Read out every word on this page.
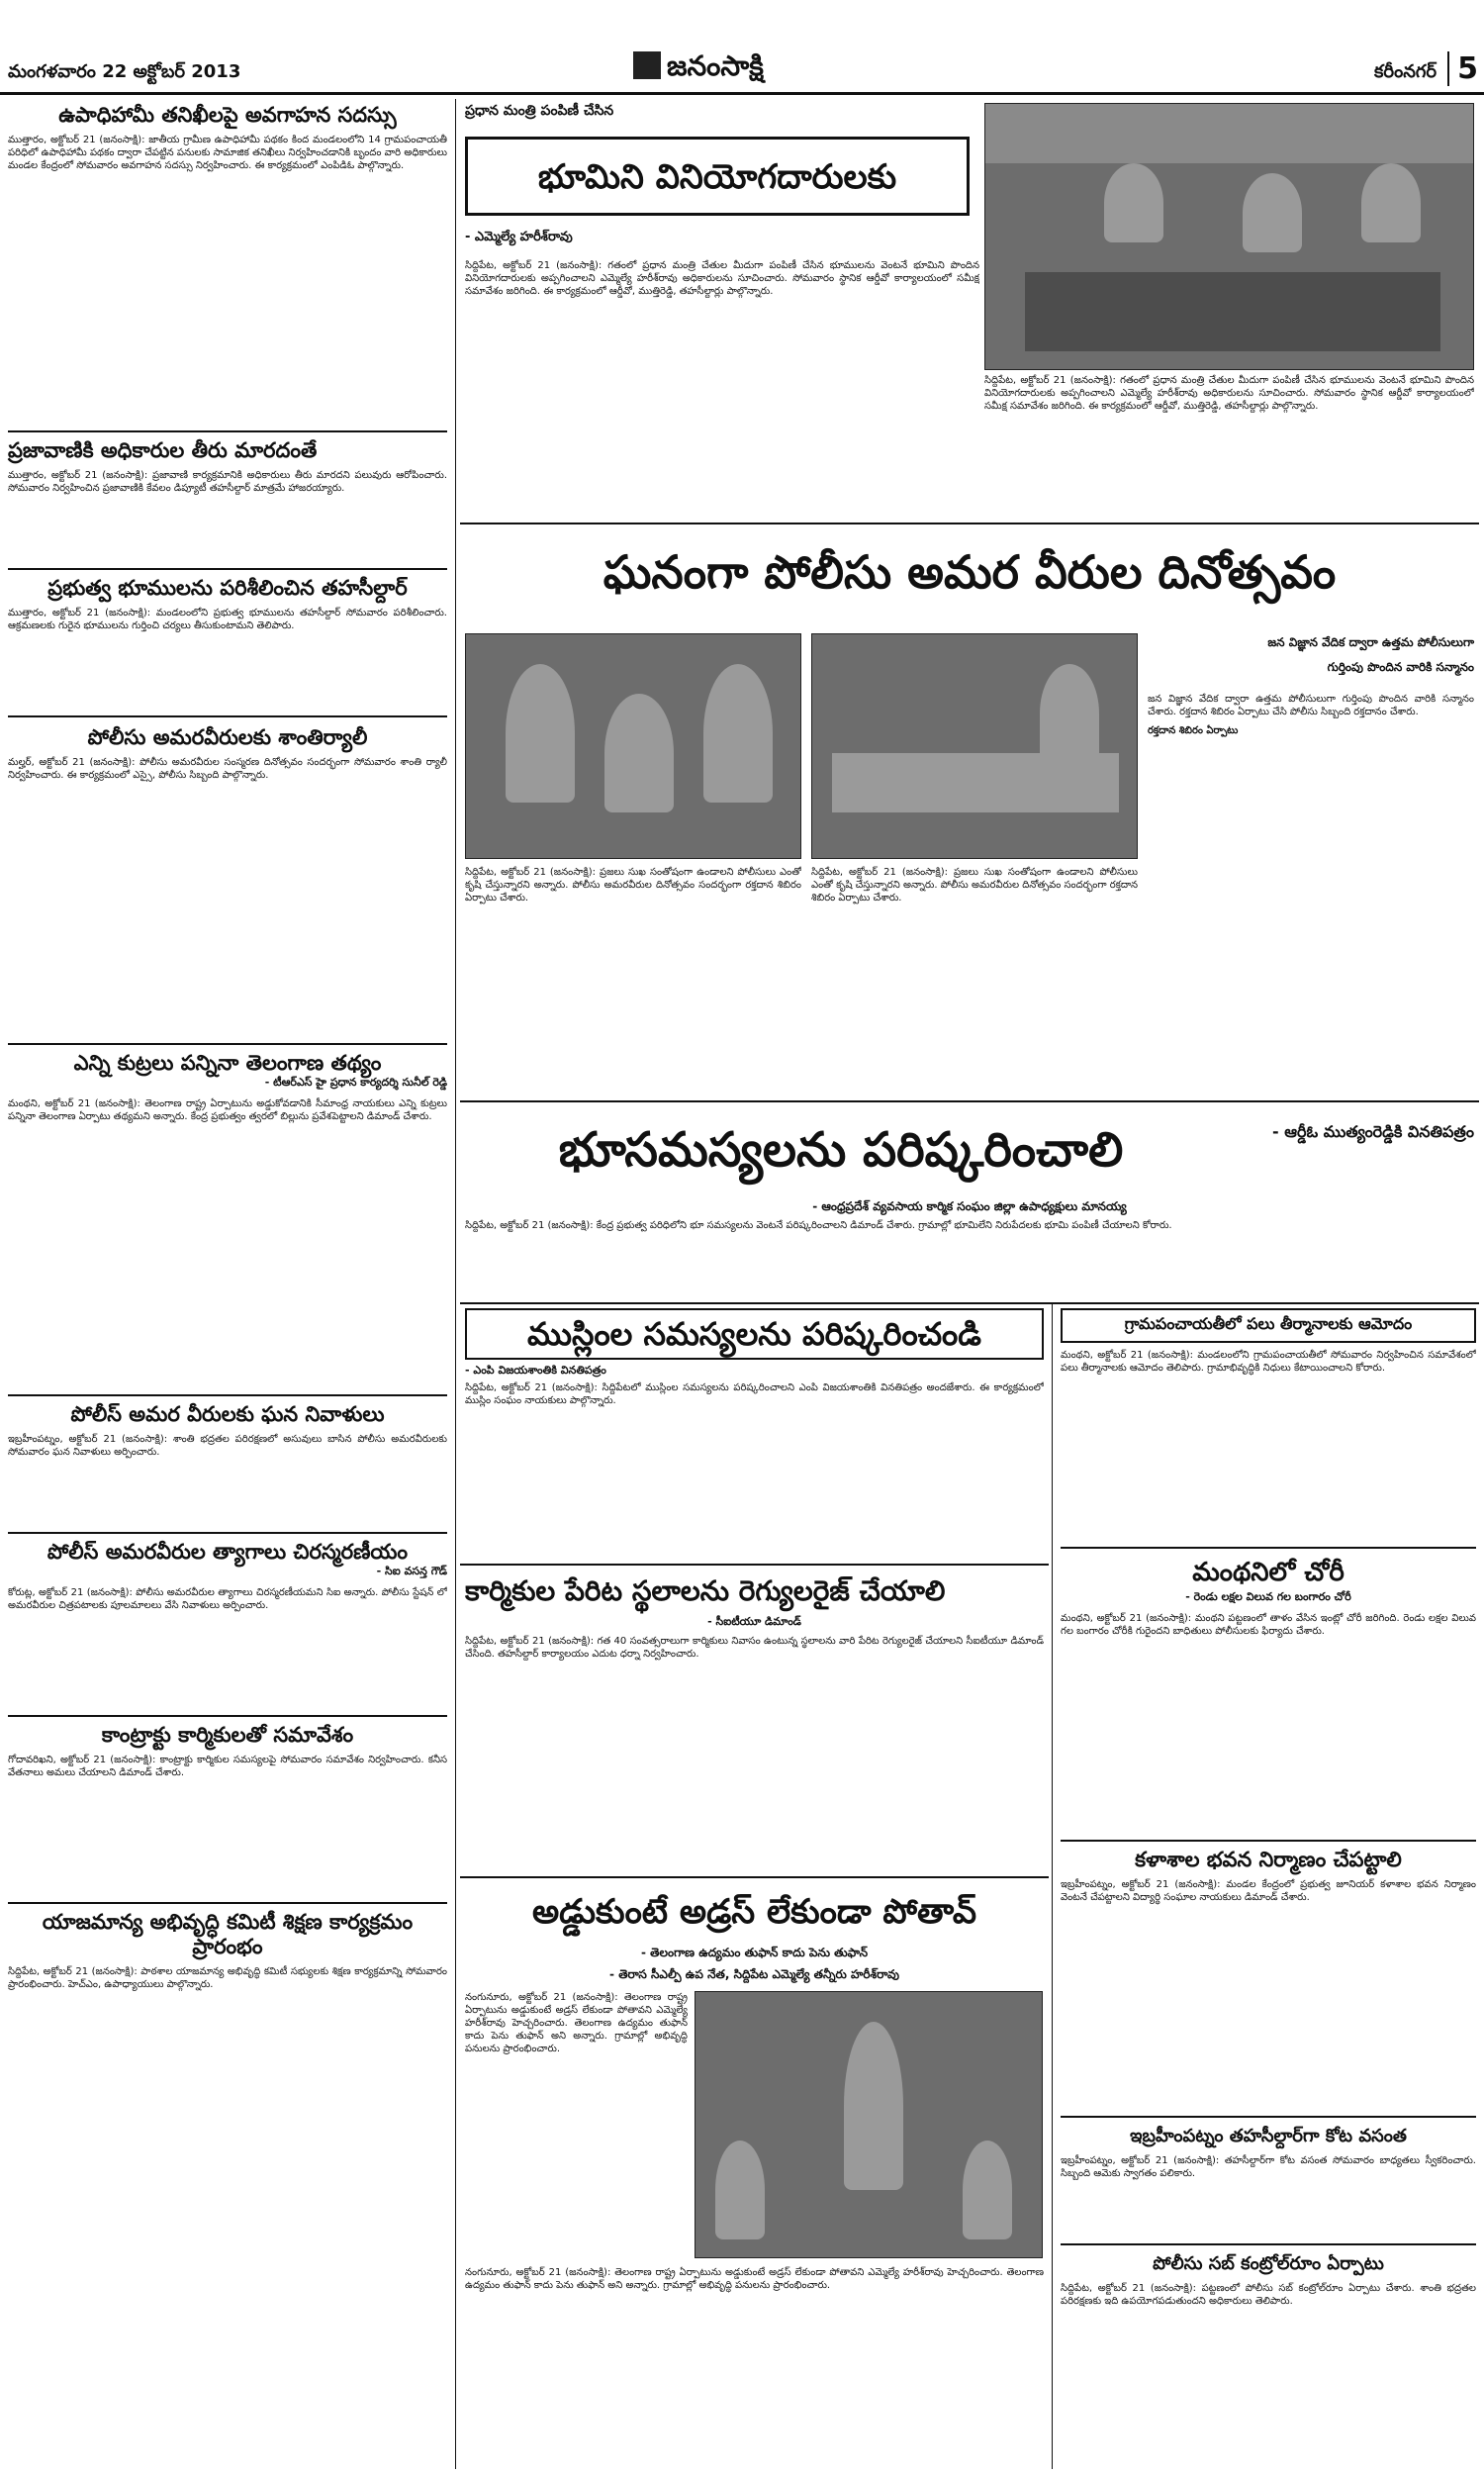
మంగళవారం 22 అక్టోబర్ 2013	జనంసాక్షి	కరీంనగర్ 5
ఉపాధిహామీ తనిఖీలపై అవగాహన సదస్సు
ముత్తారం, అక్టోబర్ 21 (జనంసాక్షి): జాతీయ గ్రామీణ ఉపాధిహామీ పథకం కింద మండలంలోని 14 గ్రామపంచాయతీ పరిధిలో ఉపాధిహామీ పథకం ద్వారా చేపట్టిన పనులకు సామాజిక తనిఖీలు నిర్వహించడానికి బృందం వారి అధికారులు మండల కేంద్రంలో సోమవారం అవగాహన సదస్సు నిర్వహించారు. ఈ కార్యక్రమంలో ఎంపిడిఓ పాల్గొన్నారు.
ప్రజావాణికి అధికారుల తీరు మారదంతే
ముత్తారం, అక్టోబర్ 21 (జనంసాక్షి): ప్రజావాణి కార్యక్రమానికి అధికారులు తీరు మారదని పలువురు ఆరోపించారు. సోమవారం నిర్వహించిన ప్రజావాణికి కేవలం డిప్యూటీ తహసీల్దార్ మాత్రమే హాజరయ్యారు.
ప్రభుత్వ భూములను పరిశీలించిన తహసీల్దార్
ముత్తారం, అక్టోబర్ 21 (జనంసాక్షి): మండలంలోని ప్రభుత్వ భూములను తహసీల్దార్ సోమవారం పరిశీలించారు. ఆక్రమణలకు గురైన భూములను గుర్తించి చర్యలు తీసుకుంటామని తెలిపారు.
పోలీసు అమరవీరులకు శాంతిర్యాలీ
మల్హర్, అక్టోబర్ 21 (జనంసాక్షి): పోలీసు అమరవీరుల సంస్మరణ దినోత్సవం సందర్భంగా సోమవారం శాంతి ర్యాలీ నిర్వహించారు. ఈ కార్యక్రమంలో ఎస్సై, పోలీసు సిబ్బంది పాల్గొన్నారు.
ఎన్ని కుట్రలు పన్నినా తెలంగాణ తథ్యం
- టీఆర్ఎస్ పైా ప్రధాన కార్యదర్శి సునీల్ రెడ్డి
మంథని, అక్టోబర్ 21 (జనంసాక్షి): తెలంగాణ రాష్ట్ర ఏర్పాటును అడ్డుకోవడానికి సీమాంధ్ర నాయకులు ఎన్ని కుట్రలు పన్నినా తెలంగాణ ఏర్పాటు తథ్యమని అన్నారు. కేంద్ర ప్రభుత్వం త్వరలో బిల్లును ప్రవేశపెట్టాలని డిమాండ్ చేశారు.
పోలీస్ అమర వీరులకు ఘన నివాళులు
ఇబ్రహీంపట్నం, అక్టోబర్ 21 (జనంసాక్షి): శాంతి భద్రతల పరిరక్షణలో అసువులు బాసిన పోలీసు అమరవీరులకు సోమవారం ఘన నివాళులు అర్పించారు.
పోలీస్ అమరవీరుల త్యాగాలు చిరస్మరణీయం
- సిఐ వసన్త గౌడ్
కోరుట్ల, అక్టోబర్ 21 (జనంసాక్షి): పోలీసు అమరవీరుల త్యాగాలు చిరస్మరణీయమని సిఐ అన్నారు. పోలీసు స్టేషన్ లో అమరవీరుల చిత్రపటాలకు పూలమాలలు వేసి నివాళులు అర్పించారు.
కాంట్రాక్టు కార్మికులతో సమావేశం
గోదావరిఖని, అక్టోబర్ 21 (జనంసాక్షి): కాంట్రాక్టు కార్మికుల సమస్యలపై సోమవారం సమావేశం నిర్వహించారు. కనీస వేతనాలు అమలు చేయాలని డిమాండ్ చేశారు.
యాజమాన్య అభివృద్ధి కమిటీ శిక్షణ కార్యక్రమం ప్రారంభం
సిద్దిపేట, అక్టోబర్ 21 (జనంసాక్షి): పాఠశాల యాజమాన్య అభివృద్ధి కమిటీ సభ్యులకు శిక్షణ కార్యక్రమాన్ని సోమవారం ప్రారంభించారు. హెచ్ఎం, ఉపాధ్యాయులు పాల్గొన్నారు.
ప్రధాన మంత్రి పంపిణీ చేసిన
భూమిని వినియోగదారులకు
- ఎమ్మెల్యే హరీశ్‌రావు
సిద్దిపేట, అక్టోబర్ 21 (జనంసాక్షి): గతంలో ప్రధాన మంత్రి చేతుల మీదుగా పంపిణీ చేసిన భూములను వెంటనే భూమిని పొందిన వినియోగదారులకు అప్పగించాలని ఎమ్మెల్యే హరీశ్‌రావు అధికారులను సూచించారు. సోమవారం స్థానిక ఆర్డీవో కార్యాలయంలో సమీక్ష సమావేశం జరిగింది. ఈ కార్యక్రమంలో ఆర్డీవో, ముత్తిరెడ్డి, తహసీల్దార్లు పాల్గొన్నారు.
సిద్దిపేట, అక్టోబర్ 21 (జనంసాక్షి): గతంలో ప్రధాన మంత్రి చేతుల మీదుగా పంపిణీ చేసిన భూములను వెంటనే భూమిని పొందిన వినియోగదారులకు అప్పగించాలని ఎమ్మెల్యే హరీశ్‌రావు అధికారులను సూచించారు. సోమవారం స్థానిక ఆర్డీవో కార్యాలయంలో సమీక్ష సమావేశం జరిగింది. ఈ కార్యక్రమంలో ఆర్డీవో, ముత్తిరెడ్డి, తహసీల్దార్లు పాల్గొన్నారు.
ఘనంగా పోలీసు అమర వీరుల దినోత్సవం
జన విజ్ఞాన వేదిక ద్వారా ఉత్తమ పోలీసులుగా
గుర్తింపు పొందిన వారికి సన్మానం
జన విజ్ఞాన వేదిక ద్వారా ఉత్తమ పోలీసులుగా గుర్తింపు పొందిన వారికి సన్మానం చేశారు. రక్తదాన శిబిరం ఏర్పాటు చేసి పోలీసు సిబ్బంది రక్తదానం చేశారు.
రక్తదాన శిబిరం ఏర్పాటు
సిద్దిపేట, అక్టోబర్ 21 (జనంసాక్షి): ప్రజలు సుఖ సంతోషంగా ఉండాలని పోలీసులు ఎంతో కృషి చేస్తున్నారని అన్నారు. పోలీసు అమరవీరుల దినోత్సవం సందర్భంగా రక్తదాన శిబిరం ఏర్పాటు చేశారు.
సిద్దిపేట, అక్టోబర్ 21 (జనంసాక్షి): ప్రజలు సుఖ సంతోషంగా ఉండాలని పోలీసులు ఎంతో కృషి చేస్తున్నారని అన్నారు. పోలీసు అమరవీరుల దినోత్సవం సందర్భంగా రక్తదాన శిబిరం ఏర్పాటు చేశారు.
భూసమస్యలను పరిష్కరించాలి	- ఆర్డీఓ ముత్యంరెడ్డికి వినతిపత్రం
- ఆంధ్రప్రదేశ్ వ్యవసాయ కార్మిక సంఘం జిల్లా ఉపాధ్యక్షులు మానయ్య
సిద్దిపేట, అక్టోబర్ 21 (జనంసాక్షి): కేంద్ర ప్రభుత్వ పరిధిలోని భూ సమస్యలను వెంటనే పరిష్కరించాలని డిమాండ్ చేశారు. గ్రామాల్లో భూమిలేని నిరుపేదలకు భూమి పంపిణీ చేయాలని కోరారు.
ముస్లింల సమస్యలను పరిష్కరించండి
- ఎంపి విజయశాంతికి వినతిపత్రం
సిద్దిపేట, అక్టోబర్ 21 (జనంసాక్షి): సిద్దిపేటలో ముస్లింల సమస్యలను పరిష్కరించాలని ఎంపి విజయశాంతికి వినతిపత్రం అందజేశారు. ఈ కార్యక్రమంలో ముస్లిం సంఘం నాయకులు పాల్గొన్నారు.
కార్మికుల పేరిట స్థలాలను రెగ్యులరైజ్ చేయాలి
- సీఐటీయూ డిమాండ్
సిద్దిపేట, అక్టోబర్ 21 (జనంసాక్షి): గత 40 సంవత్సరాలుగా కార్మికులు నివాసం ఉంటున్న స్థలాలను వారి పేరిట రెగ్యులరైజ్ చేయాలని సీఐటీయూ డిమాండ్ చేసింది. తహసీల్దార్ కార్యాలయం ఎదుట ధర్నా నిర్వహించారు.
అడ్డుకుంటే అడ్రస్ లేకుండా పోతావ్
- తెలంగాణ ఉద్యమం తుఫాన్ కాదు పెను తుఫాన్
- తెరాస సీఎల్పీ ఉప నేత, సిద్దిపేట ఎమ్మెల్యే తన్నీరు హరీశ్‌రావు
నంగునూరు, అక్టోబర్ 21 (జనంసాక్షి): తెలంగాణ రాష్ట్ర ఏర్పాటును అడ్డుకుంటే అడ్రస్ లేకుండా పోతావని ఎమ్మెల్యే హరీశ్‌రావు హెచ్చరించారు. తెలంగాణ ఉద్యమం తుఫాన్ కాదు పెను తుఫాన్ అని అన్నారు. గ్రామాల్లో అభివృద్ధి పనులను ప్రారంభించారు.
నంగునూరు, అక్టోబర్ 21 (జనంసాక్షి): తెలంగాణ రాష్ట్ర ఏర్పాటును అడ్డుకుంటే అడ్రస్ లేకుండా పోతావని ఎమ్మెల్యే హరీశ్‌రావు హెచ్చరించారు. తెలంగాణ ఉద్యమం తుఫాన్ కాదు పెను తుఫాన్ అని అన్నారు. గ్రామాల్లో అభివృద్ధి పనులను ప్రారంభించారు.
గ్రామపంచాయతీలో పలు తీర్మానాలకు ఆమోదం
మంథని, అక్టోబర్ 21 (జనంసాక్షి): మండలంలోని గ్రామపంచాయతీలో సోమవారం నిర్వహించిన సమావేశంలో పలు తీర్మానాలకు ఆమోదం తెలిపారు. గ్రామాభివృద్ధికి నిధులు కేటాయించాలని కోరారు.
మంథనిలో చోరీ
- రెండు లక్షల విలువ గల బంగారం చోరీ
మంథని, అక్టోబర్ 21 (జనంసాక్షి): మంథని పట్టణంలో తాళం వేసిన ఇంట్లో చోరీ జరిగింది. రెండు లక్షల విలువ గల బంగారం చోరీకి గురైందని బాధితులు పోలీసులకు ఫిర్యాదు చేశారు.
కళాశాల భవన నిర్మాణం చేపట్టాలి
ఇబ్రహీంపట్నం, అక్టోబర్ 21 (జనంసాక్షి): మండల కేంద్రంలో ప్రభుత్వ జూనియర్ కళాశాల భవన నిర్మాణం వెంటనే చేపట్టాలని విద్యార్థి సంఘాల నాయకులు డిమాండ్ చేశారు.
ఇబ్రహీంపట్నం తహసీల్దార్‌గా కోట వసంత
ఇబ్రహీంపట్నం, అక్టోబర్ 21 (జనంసాక్షి): తహసీల్దార్‌గా కోట వసంత సోమవారం బాధ్యతలు స్వీకరించారు. సిబ్బంది ఆమెకు స్వాగతం పలికారు.
పోలీసు సబ్ కంట్రోల్‌రూం ఏర్పాటు
సిద్దిపేట, అక్టోబర్ 21 (జనంసాక్షి): పట్టణంలో పోలీసు సబ్ కంట్రోల్‌రూం ఏర్పాటు చేశారు. శాంతి భద్రతల పరిరక్షణకు ఇది ఉపయోగపడుతుందని అధికారులు తెలిపారు.
